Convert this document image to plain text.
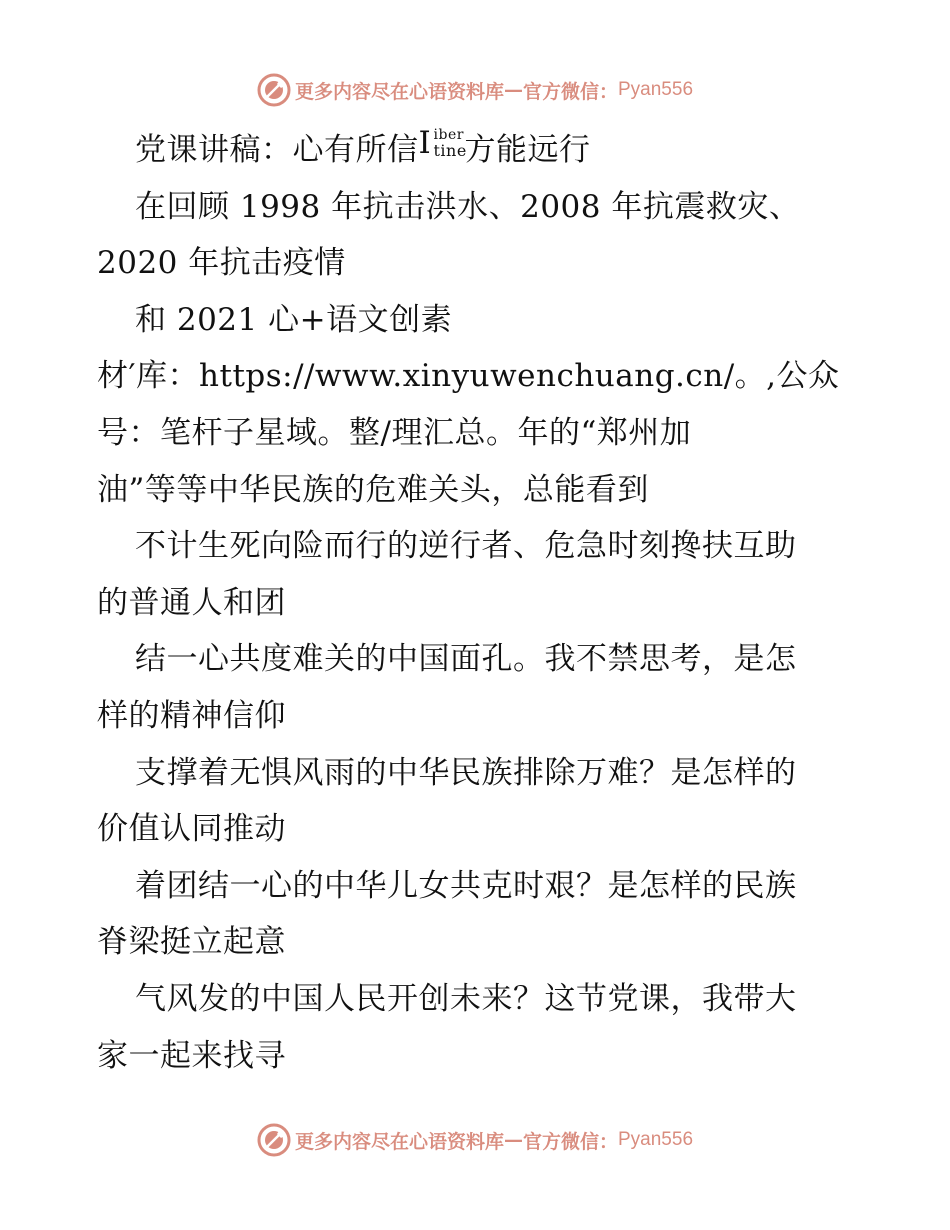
更多内容尽在心语资料库 — 官方微信： Pyan556
党课讲稿：心有所信 I iber
tine
方能远行
在回顾 1998 年抗击洪水、2008 年抗震救灾、
2020 年抗击疫情
和 2021 心+语文创素
材′库：https://www.xinyuwenchuang.cn/。,公众
号：笔杆子星域。整/理汇总。年的“郑州加
油”等等中华民族的危难关头，总能看到
不计生死向险而行的逆行者、危急时刻搀扶互助
的普通人和团
结一心共度难关的中国面孔。我不禁思考，是怎
样的精神信仰
支撑着无惧风雨的中华民族排除万难？是怎样的
价值认同推动
着团结一心的中华儿女共克时艰？是怎样的民族
脊梁挺立起意
气风发的中国人民开创未来？这节党课，我带大
家一起来找寻
更多内容尽在心语资料库 — 官方微信： Pyan556
